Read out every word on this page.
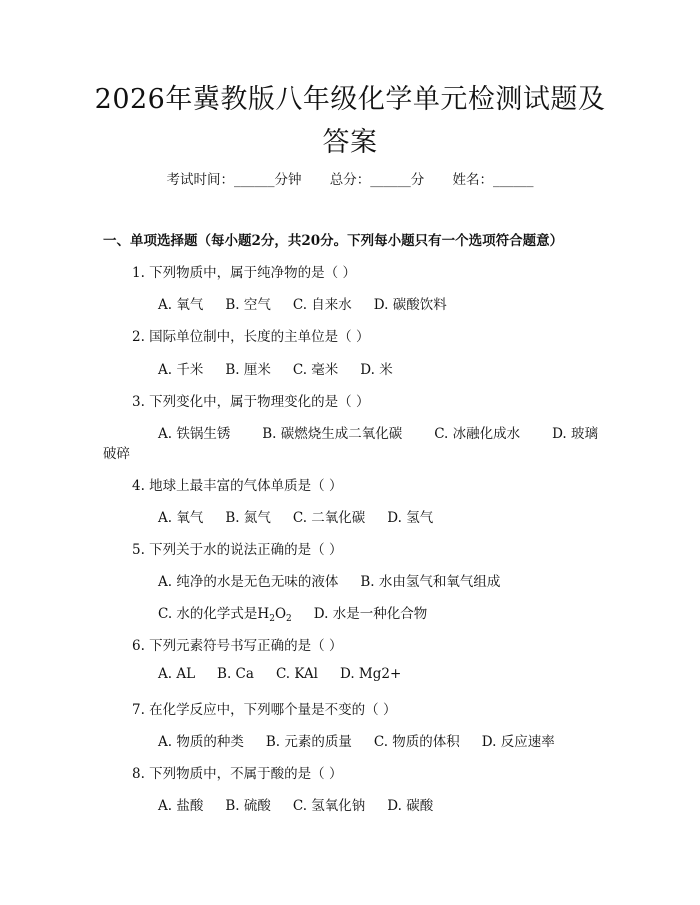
2026年冀教版八年级化学单元检测试题及答案
考试时间：______分钟 总分：______分 姓名：______
一、单项选择题（每小题2分，共20分。下列每小题只有一个选项符合题意）
1. 下列物质中，属于纯净物的是（ ）
A. 氧气 B. 空气 C. 自来水 D. 碳酸饮料
2. 国际单位制中，长度的主单位是（ ）
A. 千米 B. 厘米 C. 毫米 D. 米
3. 下列变化中，属于物理变化的是（ ）
A. 铁锅生锈 B. 碳燃烧生成二氧化碳 C. 冰融化成水 D. 玻璃
破碎
4. 地球上最丰富的气体单质是（ ）
A. 氧气 B. 氮气 C. 二氧化碳 D. 氢气
5. 下列关于水的说法正确的是（ ）
A. 纯净的水是无色无味的液体 B. 水由氢气和氧气组成
C. 水的化学式是$H_2O_2$ D. 水是一种化合物
6. 下列元素符号书写正确的是（ ）
A. AL B. Ca C. KAl D. Mg2+
7. 在化学反应中，下列哪个量是不变的（ ）
A. 物质的种类 B. 元素的质量 C. 物质的体积 D. 反应速率
8. 下列物质中，不属于酸的是（ ）
A. 盐酸 B. 硫酸 C. 氢氧化钠 D. 碳酸
